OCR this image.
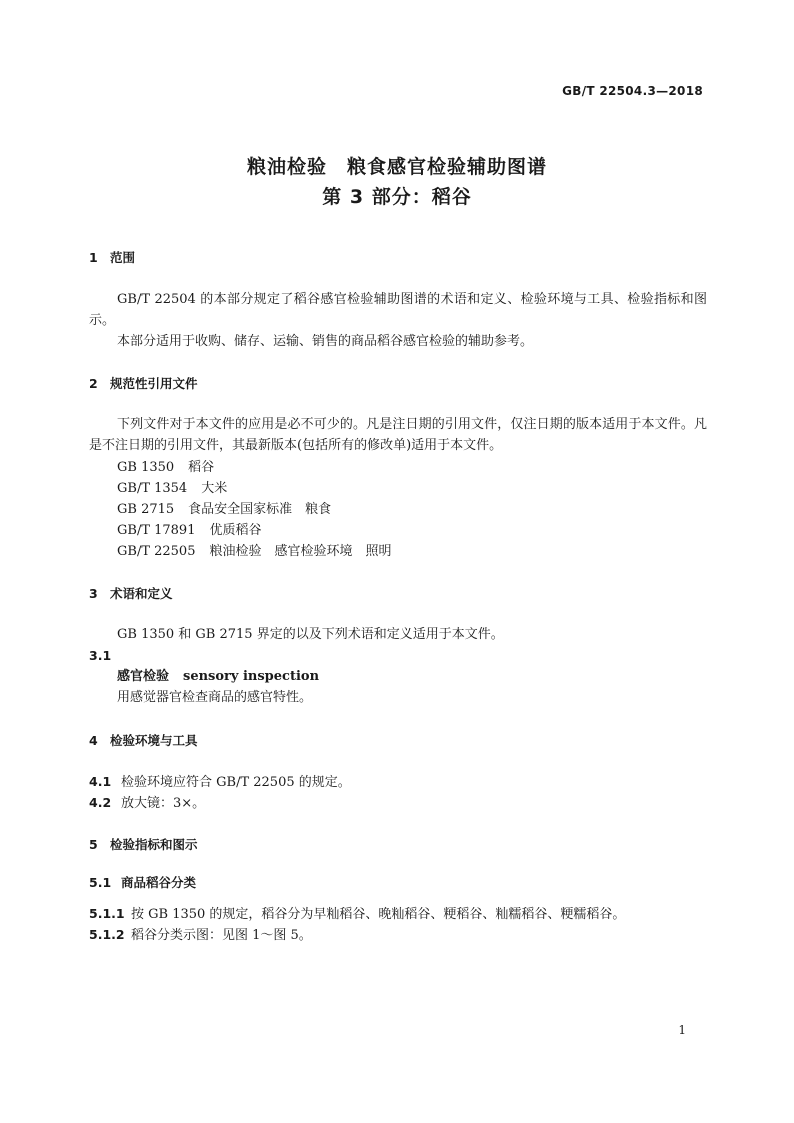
GB/T 22504.3—2018
粮油检验　粮食感官检验辅助图谱
第 3 部分：稻谷
1 范围
GB/T 22504 的本部分规定了稻谷感官检验辅助图谱的术语和定义、检验环境与工具、检验指标和图示。
本部分适用于收购、储存、运输、销售的商品稻谷感官检验的辅助参考。
2 规范性引用文件
下列文件对于本文件的应用是必不可少的。凡是注日期的引用文件，仅注日期的版本适用于本文件。凡是不注日期的引用文件，其最新版本(包括所有的修改单)适用于本文件。
GB 1350 稻谷
GB/T 1354 大米
GB 2715 食品安全国家标准　粮食
GB/T 17891 优质稻谷
GB/T 22505 粮油检验　感官检验环境　照明
3 术语和定义
GB 1350 和 GB 2715 界定的以及下列术语和定义适用于本文件。
3.1
感官检验 sensory inspection
用感觉器官检查商品的感官特性。
4 检验环境与工具
4.1 检验环境应符合 GB/T 22505 的规定。
4.2 放大镜：3×。
5 检验指标和图示
5.1 商品稻谷分类
5.1.1 按 GB 1350 的规定，稻谷分为早籼稻谷、晚籼稻谷、粳稻谷、籼糯稻谷、粳糯稻谷。
5.1.2 稻谷分类示图：见图 1～图 5。
1
